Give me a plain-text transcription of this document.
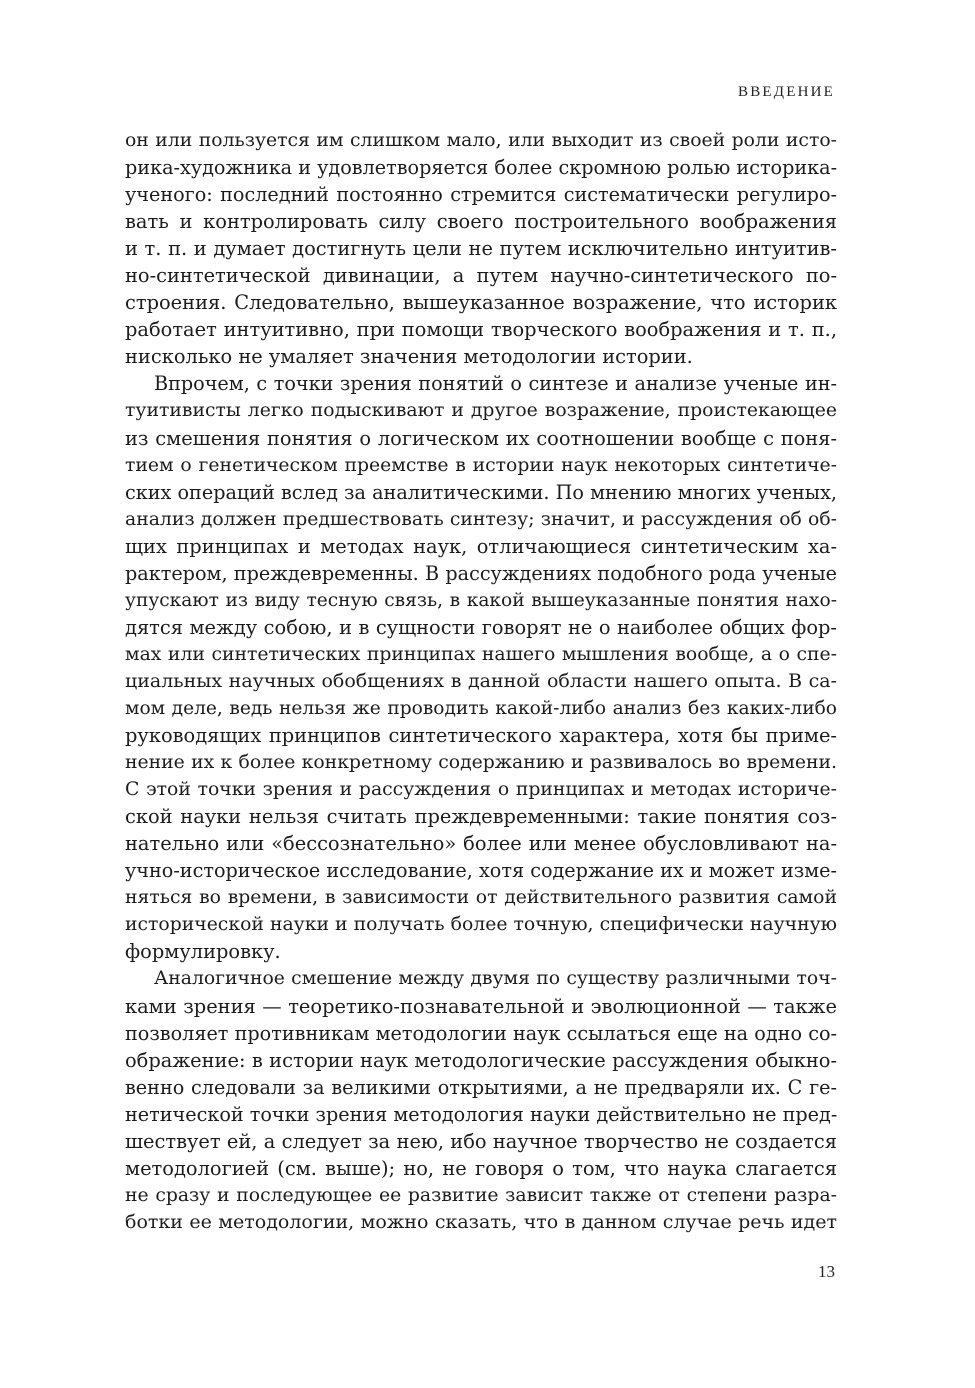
ВВЕДЕНИЕ
он или пользуется им слишком мало, или выходит из своей роли исто-
рика-художника и удовлетворяется более скромною ролью историка-
ученого: последний постоянно стремится систематически регулиро-
вать и контролировать силу своего построительного воображения
и т. п. и думает достигнуть цели не путем исключительно интуитив-
но-синтетической дивинации, а путем научно-синтетического по-
строения. Следовательно, вышеуказанное возражение, что историк
работает интуитивно, при помощи творческого воображения и т. п.,
нисколько не умаляет значения методологии истории.
Впрочем, с точки зрения понятий о синтезе и анализе ученые ин-
туитивисты легко подыскивают и другое возражение, проистекающее
из смешения понятия о логическом их соотношении вообще с поня-
тием о генетическом преемстве в истории наук некоторых синтетиче-
ских операций вслед за аналитическими. По мнению многих ученых,
анализ должен предшествовать синтезу; значит, и рассуждения об об-
щих принципах и методах наук, отличающиеся синтетическим ха-
рактером, преждевременны. В рассуждениях подобного рода ученые
упускают из виду тесную связь, в какой вышеуказанные понятия нахо-
дятся между собою, и в сущности говорят не о наиболее общих фор-
мах или синтетических принципах нашего мышления вообще, а о спе-
циальных научных обобщениях в данной области нашего опыта. В са-
мом деле, ведь нельзя же проводить какой-либо анализ без каких-либо
руководящих принципов синтетического характера, хотя бы приме-
нение их к более конкретному содержанию и развивалось во времени.
С этой точки зрения и рассуждения о принципах и методах историче-
ской науки нельзя считать преждевременными: такие понятия соз-
нательно или «бессознательно» более или менее обусловливают на-
учно-историческое исследование, хотя содержание их и может изме-
няться во времени, в зависимости от действительного развития самой
исторической науки и получать более точную, специфически научную
формулировку.
Аналогичное смешение между двумя по существу различными точ-
ками зрения — теоретико-познавательной и эволюционной — также
позволяет противникам методологии наук ссылаться еще на одно со-
ображение: в истории наук методологические рассуждения обыкно-
венно следовали за великими открытиями, а не предваряли их. С ге-
нетической точки зрения методология науки действительно не пред-
шествует ей, а следует за нею, ибо научное творчество не создается
методологией (см. выше); но, не говоря о том, что наука слагается
не сразу и последующее ее развитие зависит также от степени разра-
ботки ее методологии, можно сказать, что в данном случае речь идет
13
